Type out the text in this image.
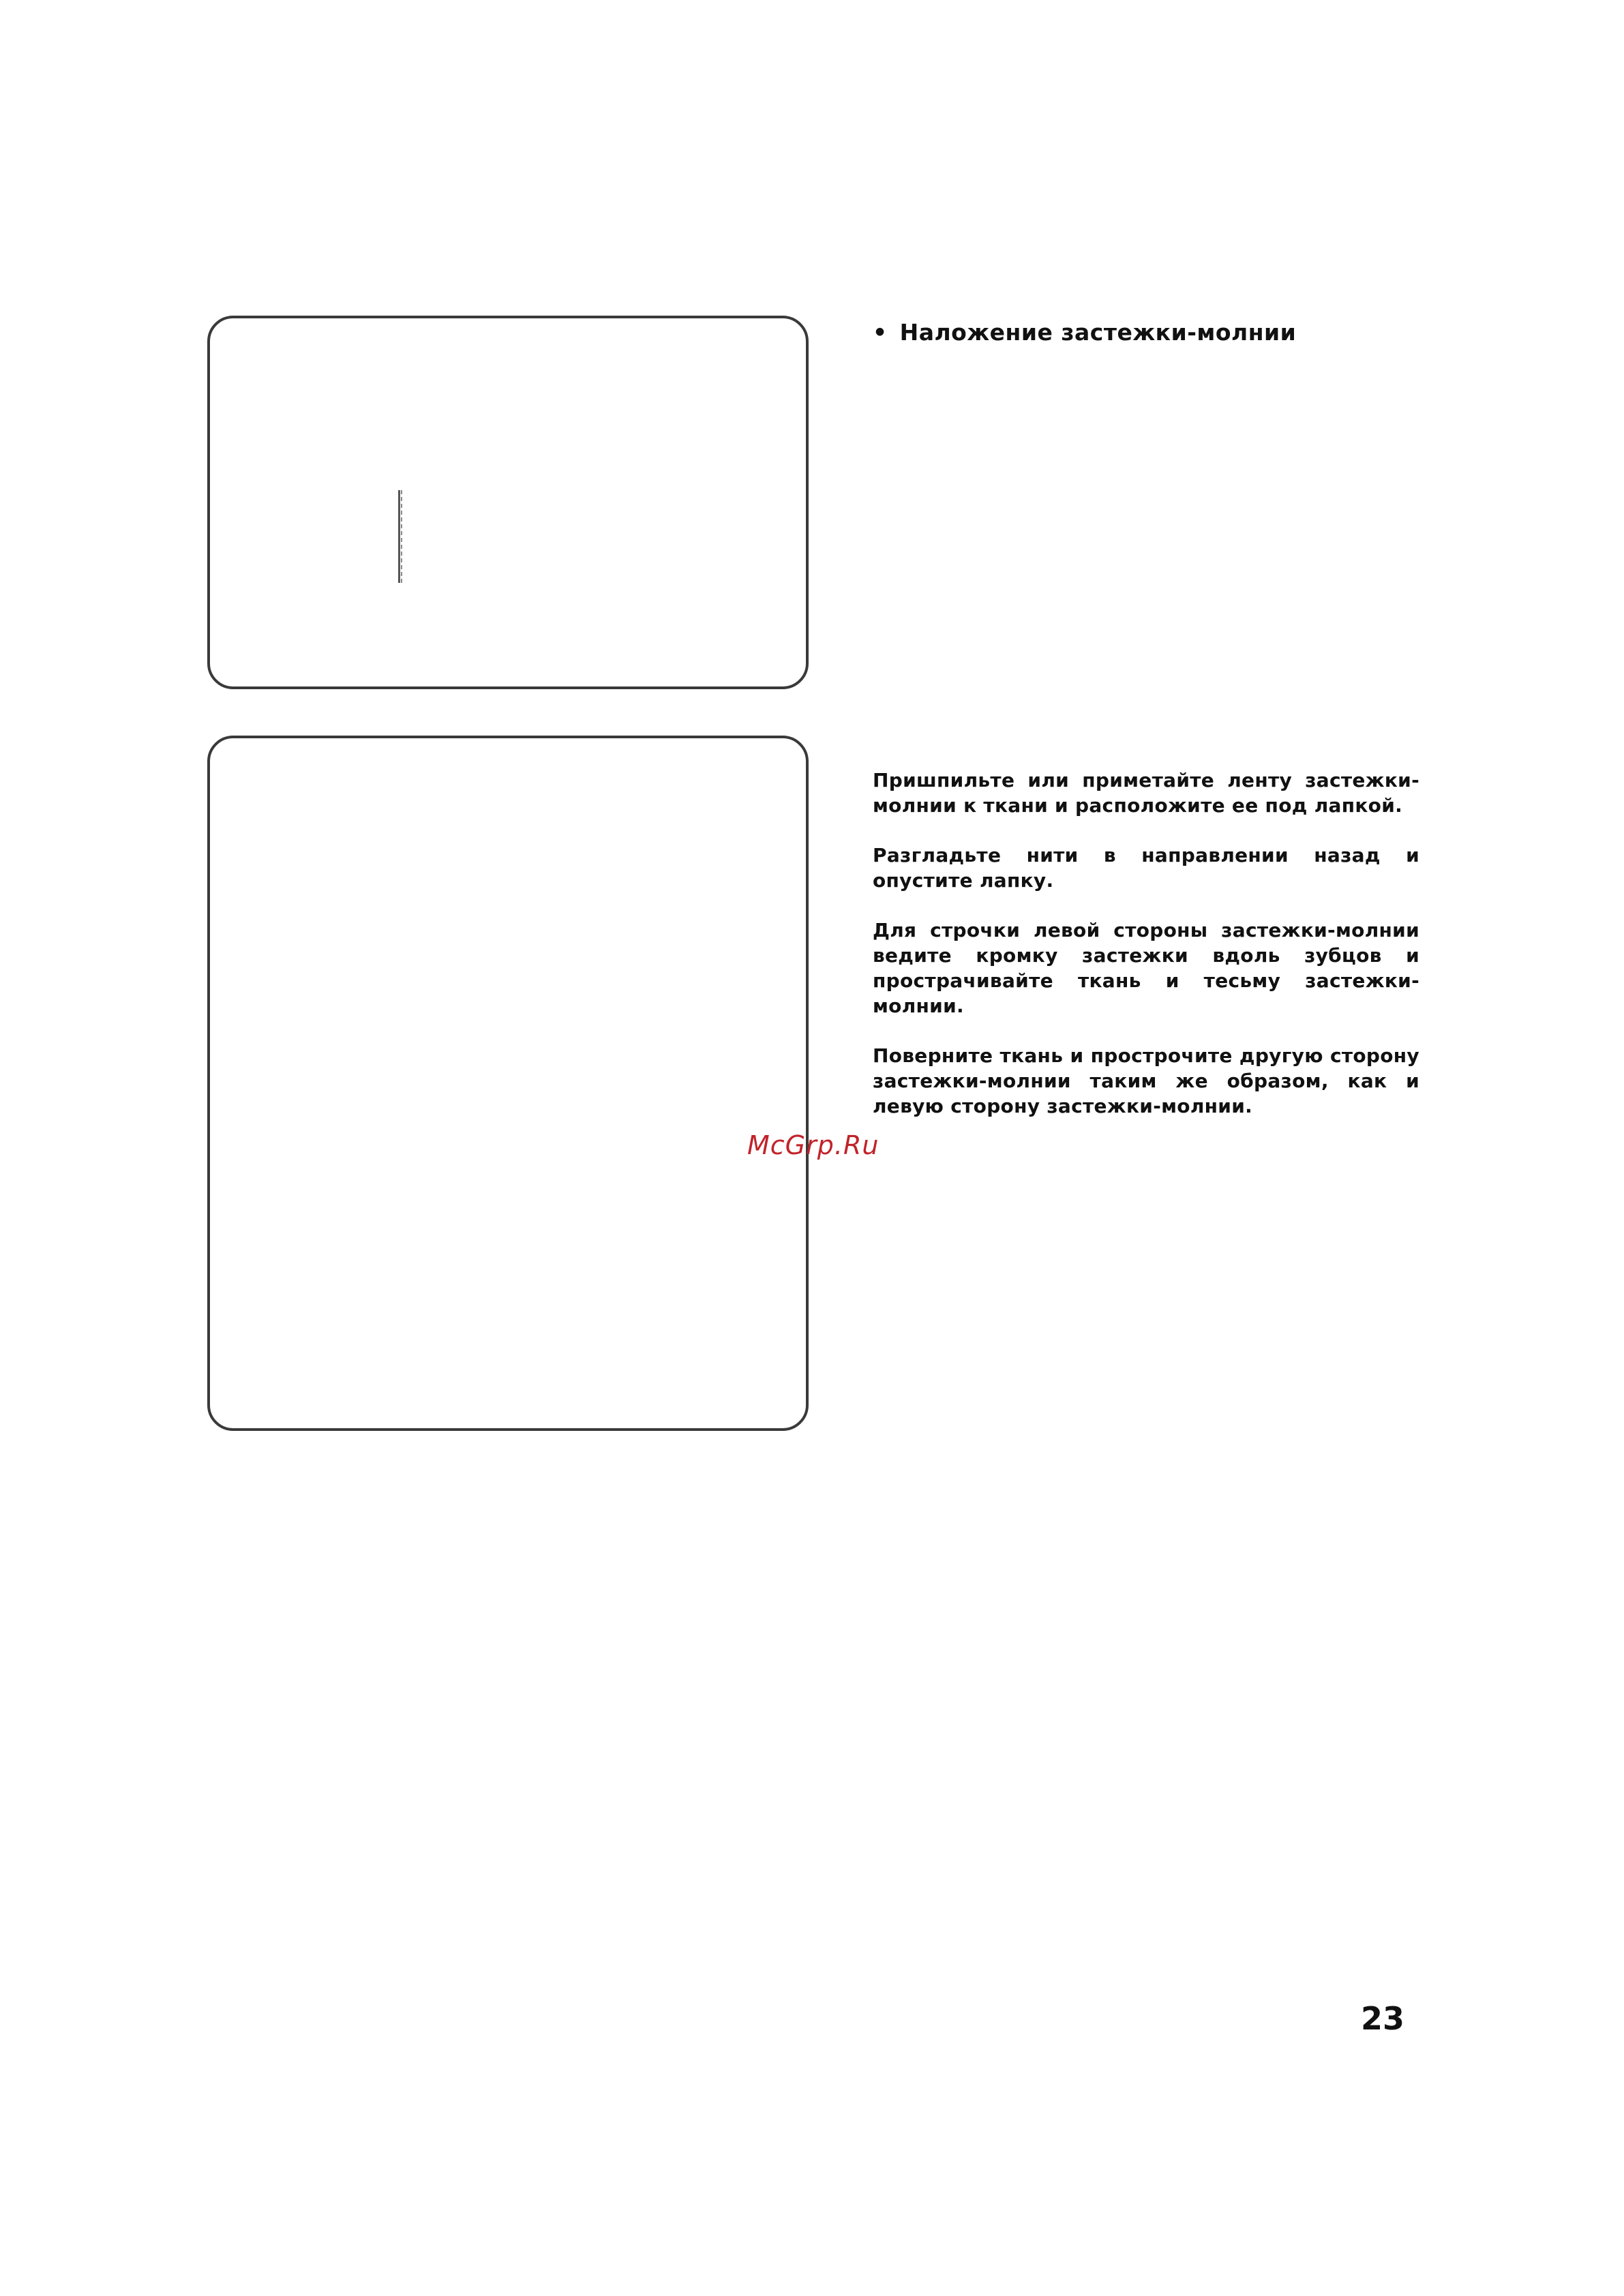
• Наложение застежки-молнии

Пришпильте или приметайте ленту застежки-молнии к ткани и расположите ее под лапкой.

Разгладьте нити в направлении назад и опустите лапку.

Для строчки левой стороны застежки-молнии ведите кромку застежки вдоль зубцов и прострачивайте ткань и тесьму застежки-молнии.

Поверните ткань и прострочите другую сторону застежки-молнии таким же образом, как и левую сторону застежки-молнии.

McGrp.Ru
23
